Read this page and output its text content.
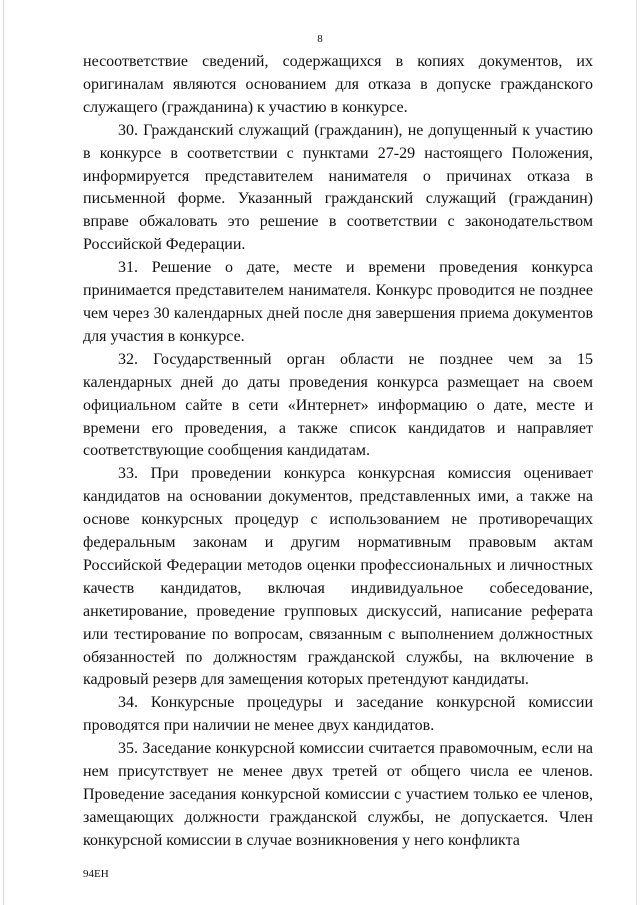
8

несоответствие сведений, содержащихся в копиях документов, их оригиналам являются основанием для отказа в допуске гражданского служащего (гражданина) к участию в конкурсе.

30. Гражданский служащий (гражданин), не допущенный к участию в конкурсе в соответствии с пунктами 27-29 настоящего Положения, информируется представителем нанимателя о причинах отказа в письменной форме. Указанный гражданский служащий (гражданин) вправе обжаловать это решение в соответствии с законодательством Российской Федерации.

31. Решение о дате, месте и времени проведения конкурса принимается представителем нанимателя. Конкурс проводится не позднее чем через 30 календарных дней после дня завершения приема документов для участия в конкурсе.

32. Государственный орган области не позднее чем за 15 календарных дней до даты проведения конкурса размещает на своем официальном сайте в сети «Интернет» информацию о дате, месте и времени его проведения, а также список кандидатов и направляет соответствующие сообщения кандидатам.

33. При проведении конкурса конкурсная комиссия оценивает кандидатов на основании документов, представленных ими, а также на основе конкурсных процедур с использованием не противоречащих федеральным законам и другим нормативным правовым актам Российской Федерации методов оценки профессиональных и личностных качеств кандидатов, включая индивидуальное собеседование, анкетирование, проведение групповых дискуссий, написание реферата или тестирование по вопросам, связанным с выполнением должностных обязанностей по должностям гражданской службы, на включение в кадровый резерв для замещения которых претендуют кандидаты.

34. Конкурсные процедуры и заседание конкурсной комиссии проводятся при наличии не менее двух кандидатов.

35. Заседание конкурсной комиссии считается правомочным, если на нем присутствует не менее двух третей от общего числа ее членов. Проведение заседания конкурсной комиссии с участием только ее членов, замещающих должности гражданской службы, не допускается. Член конкурсной комиссии в случае возникновения у него конфликта

94ЕН
